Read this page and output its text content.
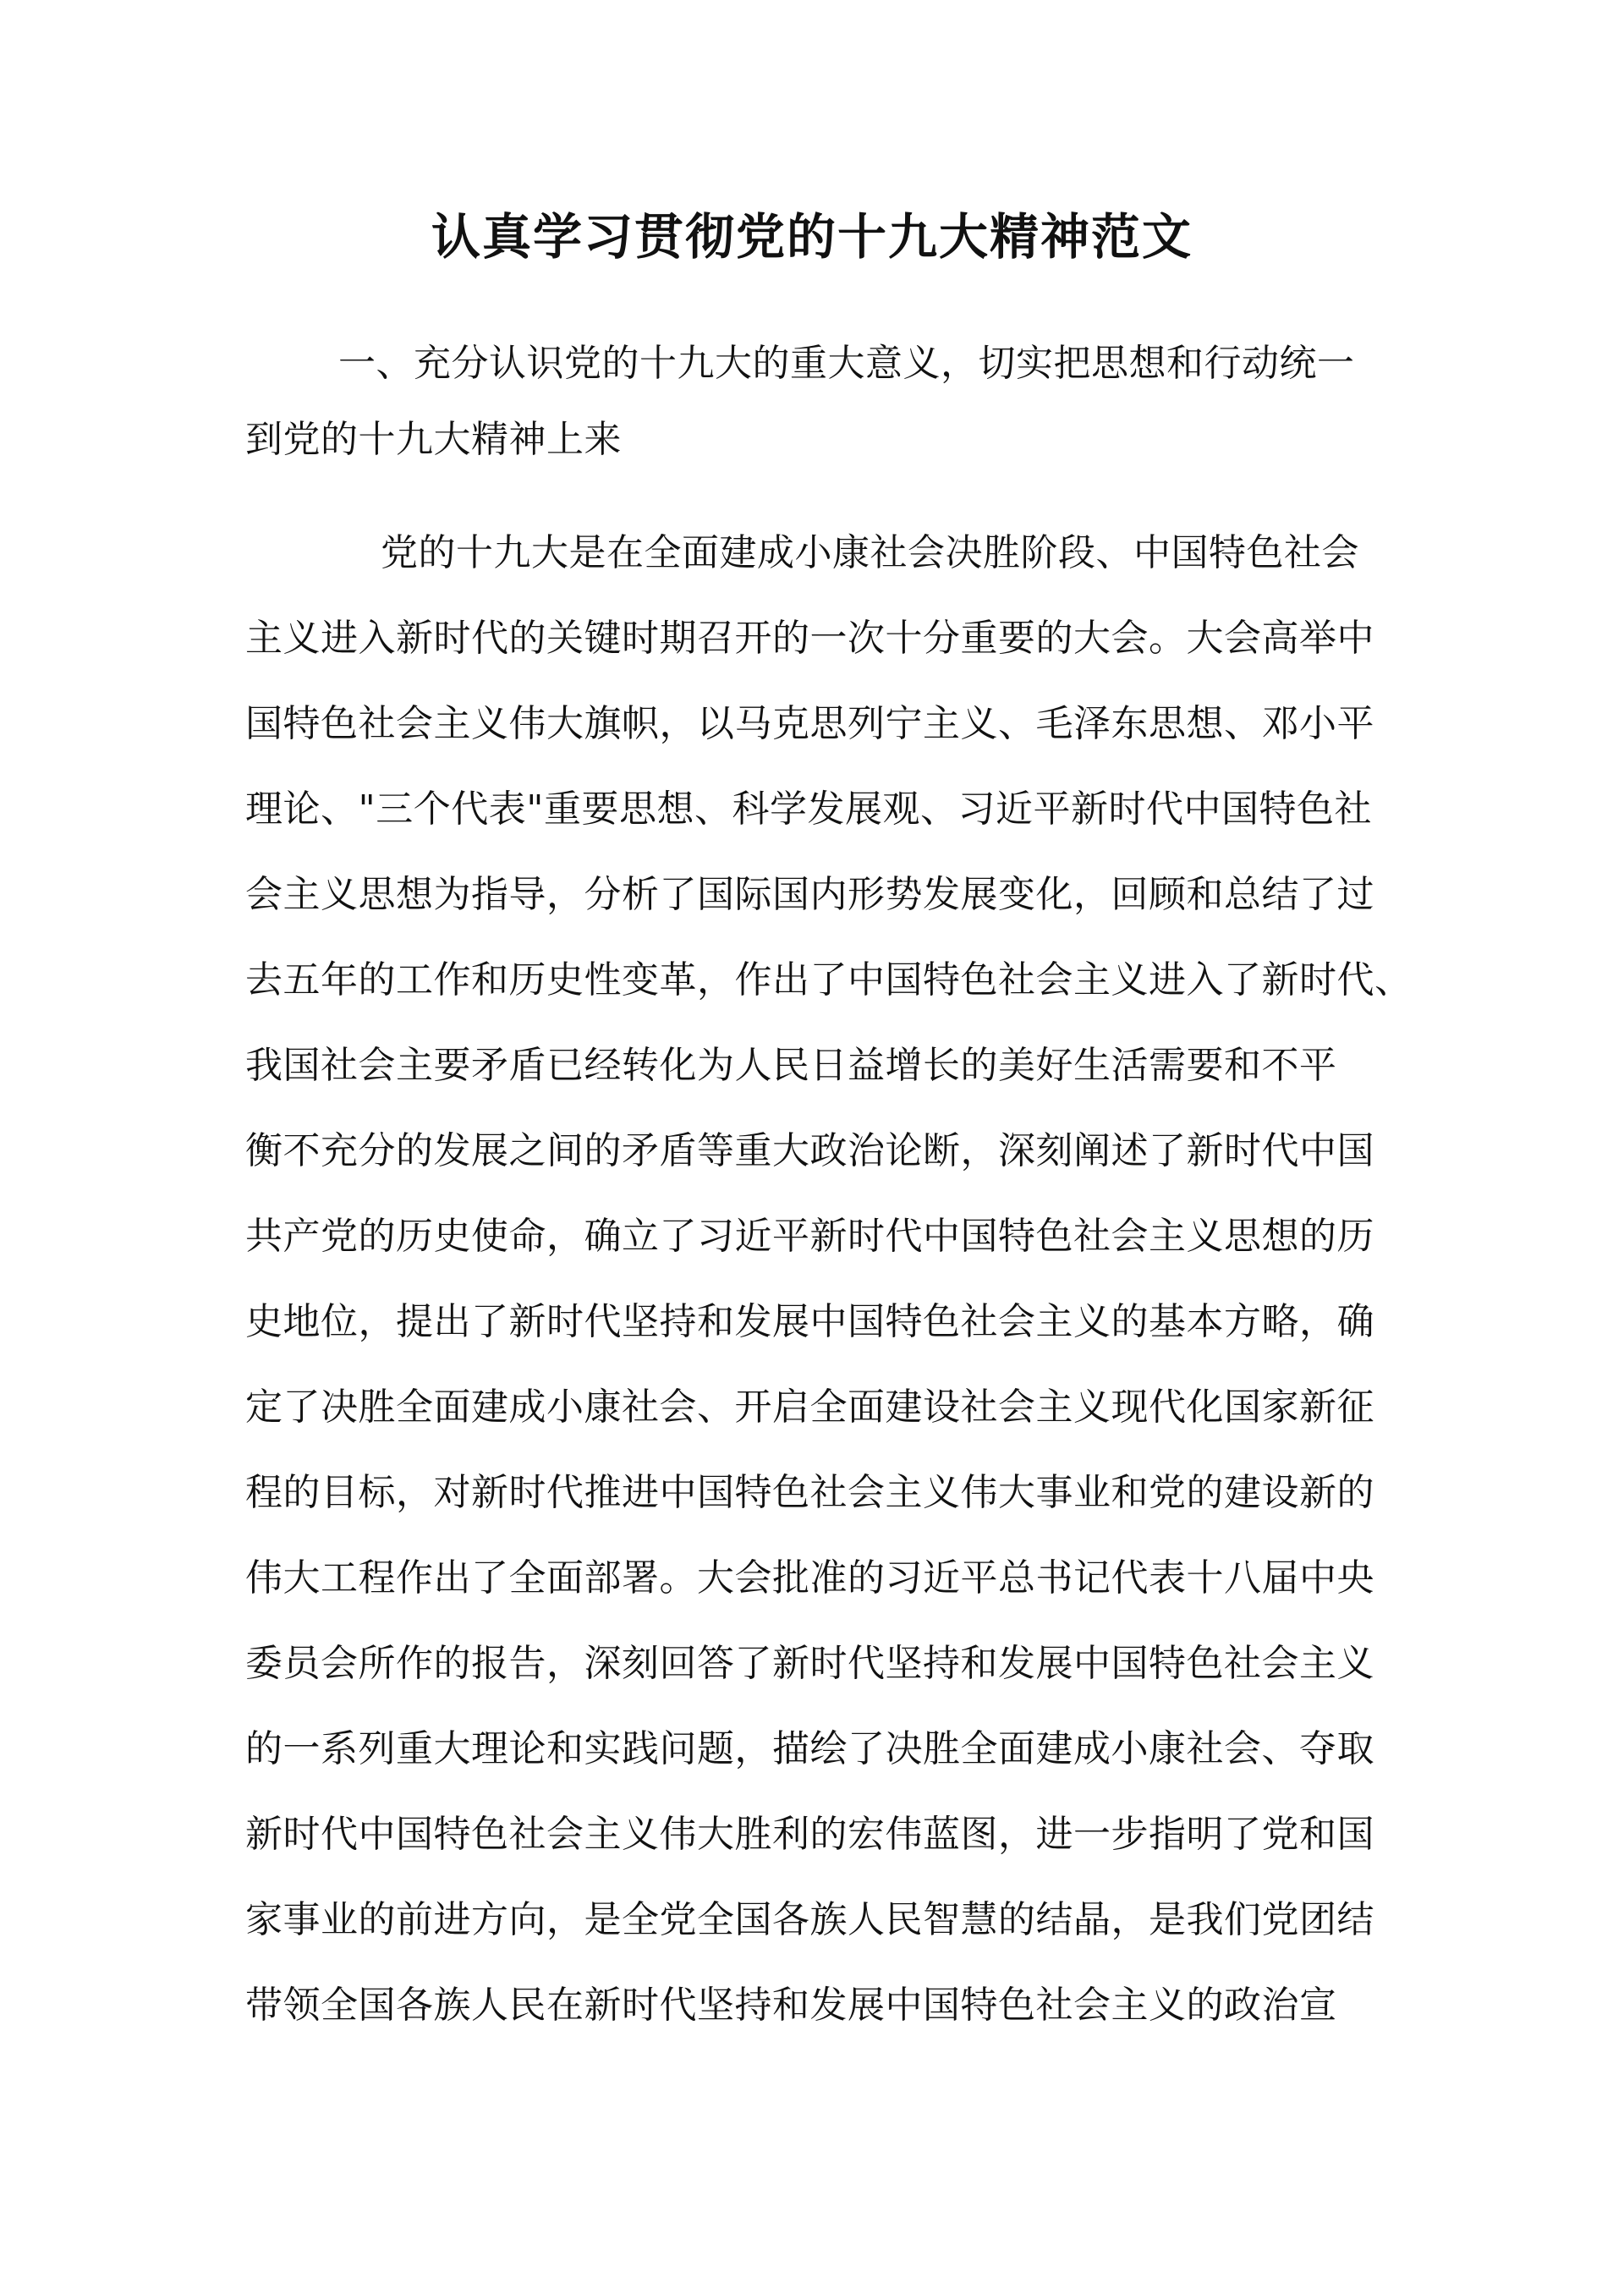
认真学习贯彻党的十九大精神范文
一、充分认识党的十九大的重大意义，切实把思想和行动统一
到党的十九大精神上来
党的十九大是在全面建成小康社会决胜阶段、中国特色社会
主义进入新时代的关键时期召开的一次十分重要的大会。大会高举中
国特色社会主义伟大旗帜，以马克思列宁主义、毛泽东思想、邓小平
理论、"三个代表"重要思想、科学发展观、习近平新时代中国特色社
会主义思想为指导，分析了国际国内形势发展变化，回顾和总结了过
去五年的工作和历史性变革，作出了中国特色社会主义进入了新时代、
我国社会主要矛盾已经转化为人民日益增长的美好生活需要和不平
衡不充分的发展之间的矛盾等重大政治论断，深刻阐述了新时代中国
共产党的历史使命，确立了习近平新时代中国特色社会主义思想的历
史地位，提出了新时代坚持和发展中国特色社会主义的基本方略，确
定了决胜全面建成小康社会、开启全面建设社会主义现代化国家新征
程的目标，对新时代推进中国特色社会主义伟大事业和党的建设新的
伟大工程作出了全面部署。大会批准的习近平总书记代表十八届中央
委员会所作的报告，深刻回答了新时代坚持和发展中国特色社会主义
的一系列重大理论和实践问题，描绘了决胜全面建成小康社会、夺取
新时代中国特色社会主义伟大胜利的宏伟蓝图，进一步指明了党和国
家事业的前进方向，是全党全国各族人民智慧的结晶，是我们党团结
带领全国各族人民在新时代坚持和发展中国特色社会主义的政治宣
